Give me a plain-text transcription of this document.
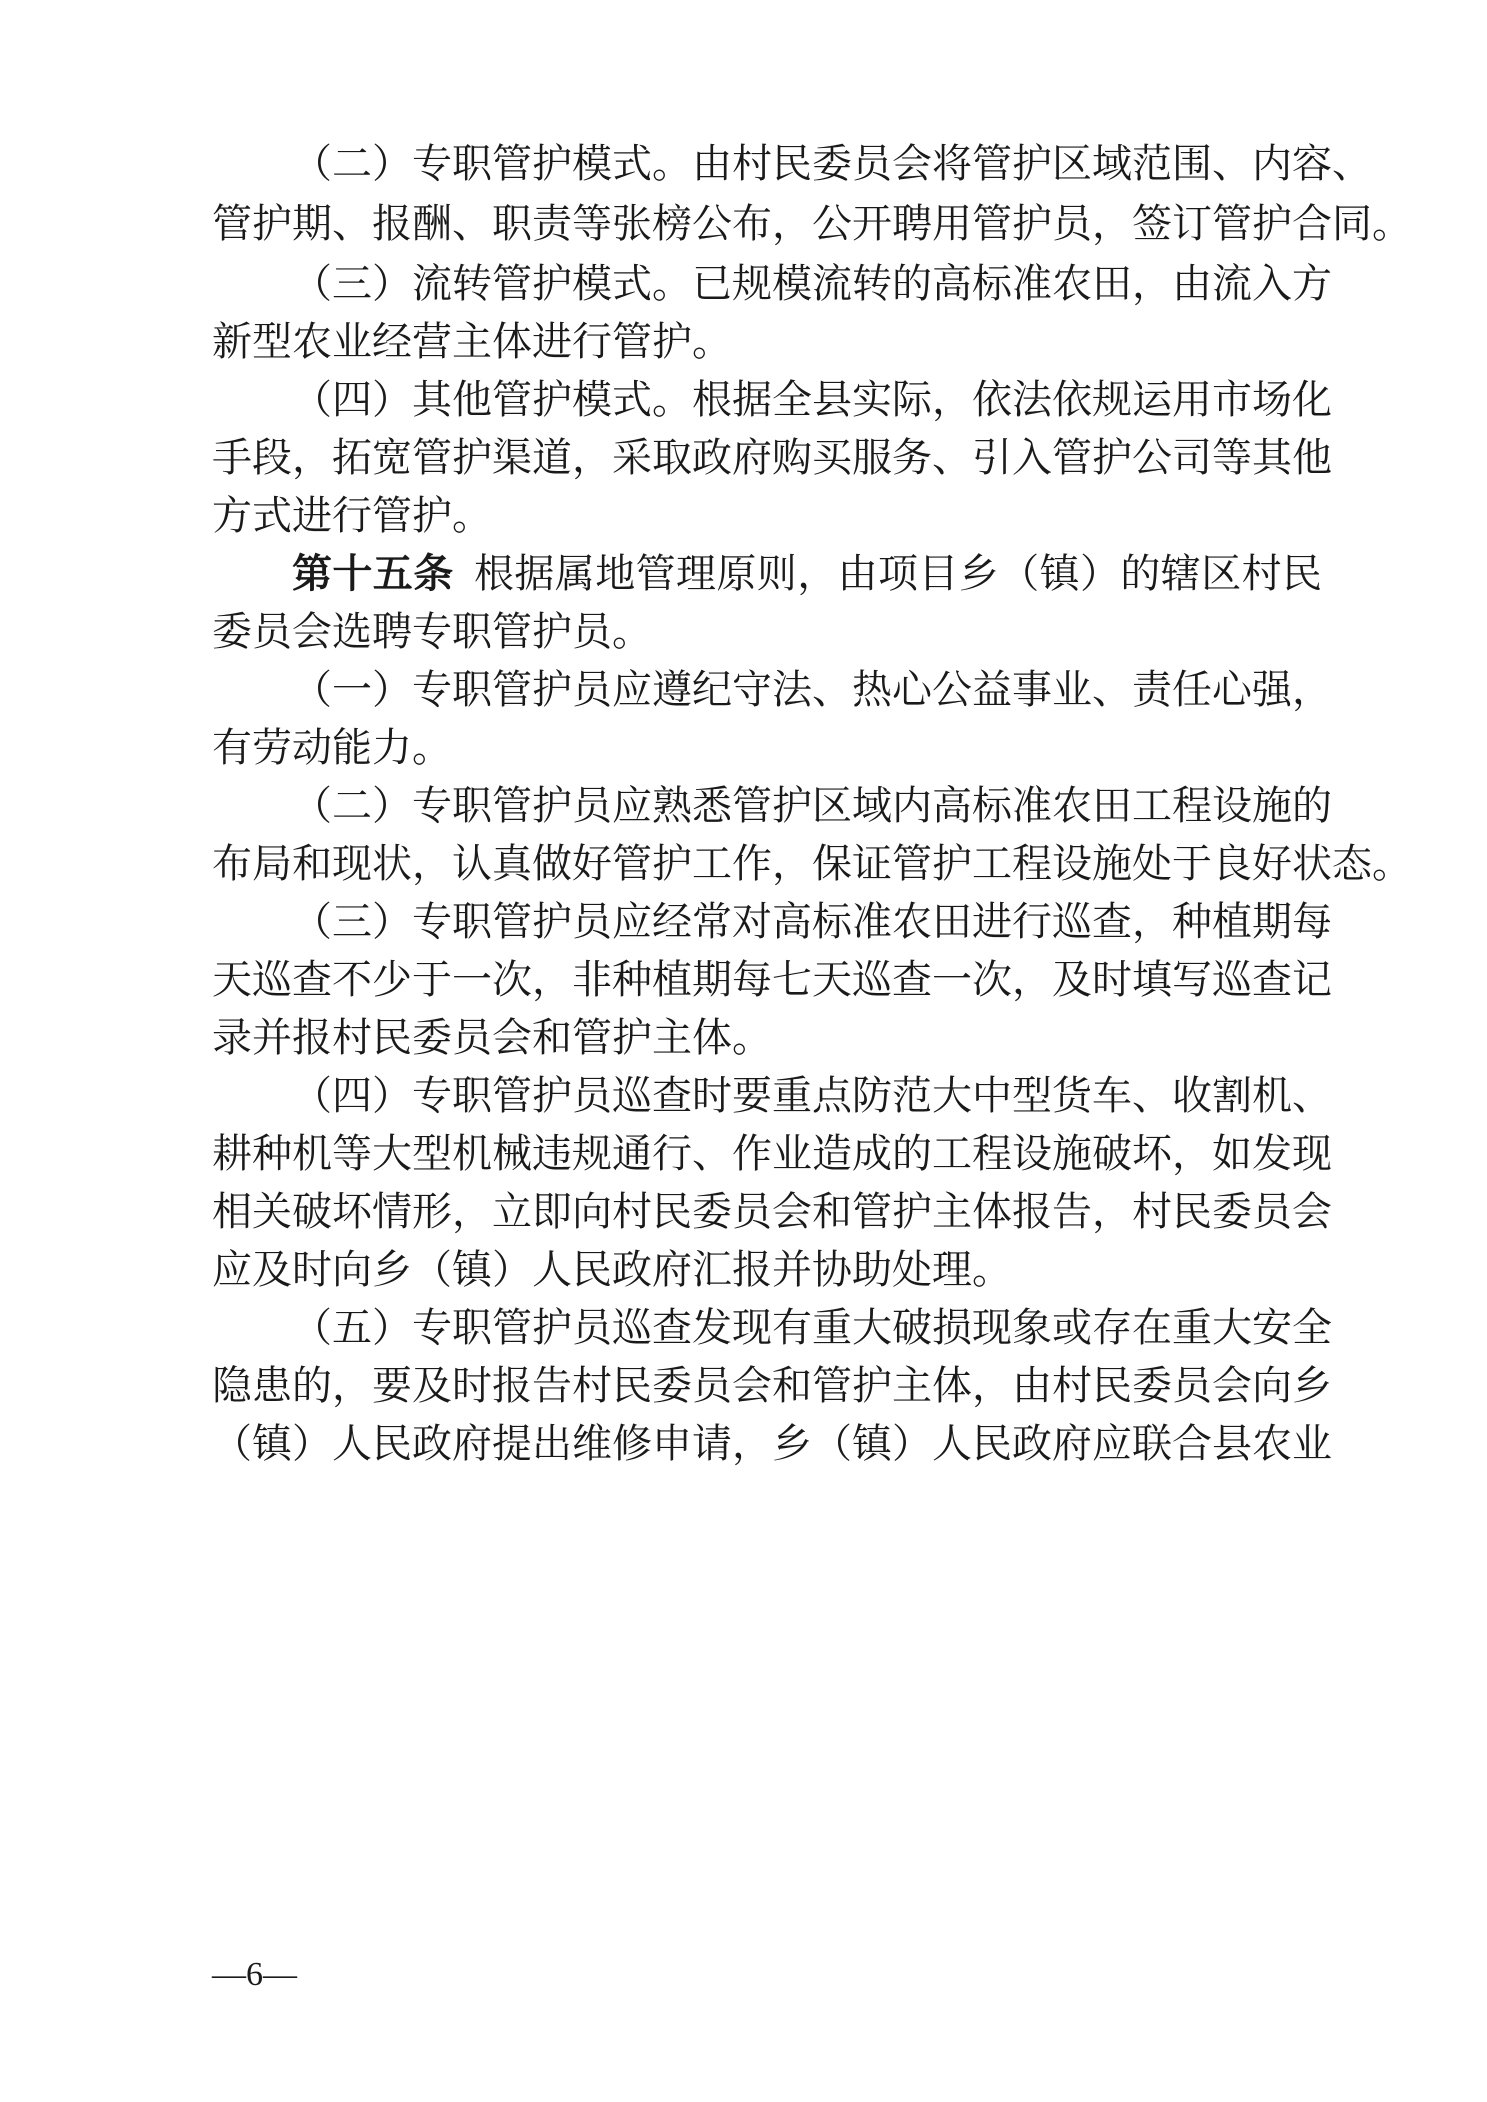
（二）专职管护模式。由村民委员会将管护区域范围、内容、
管护期、报酬、职责等张榜公布，公开聘用管护员，签订管护合同。
（三）流转管护模式。已规模流转的高标准农田，由流入方
新型农业经营主体进行管护。
（四）其他管护模式。根据全县实际，依法依规运用市场化
手段，拓宽管护渠道，采取政府购买服务、引入管护公司等其他
方式进行管护。
第十五条 根据属地管理原则，由项目乡（镇）的辖区村民
委员会选聘专职管护员。
（一）专职管护员应遵纪守法、热心公益事业、责任心强，
有劳动能力。
（二）专职管护员应熟悉管护区域内高标准农田工程设施的
布局和现状，认真做好管护工作，保证管护工程设施处于良好状态。
（三）专职管护员应经常对高标准农田进行巡查，种植期每
天巡查不少于一次，非种植期每七天巡查一次，及时填写巡查记
录并报村民委员会和管护主体。
（四）专职管护员巡查时要重点防范大中型货车、收割机、
耕种机等大型机械违规通行、作业造成的工程设施破坏，如发现
相关破坏情形，立即向村民委员会和管护主体报告，村民委员会
应及时向乡（镇）人民政府汇报并协助处理。
（五）专职管护员巡查发现有重大破损现象或存在重大安全
隐患的，要及时报告村民委员会和管护主体，由村民委员会向乡
（镇）人民政府提出维修申请，乡（镇）人民政府应联合县农业
—6—
